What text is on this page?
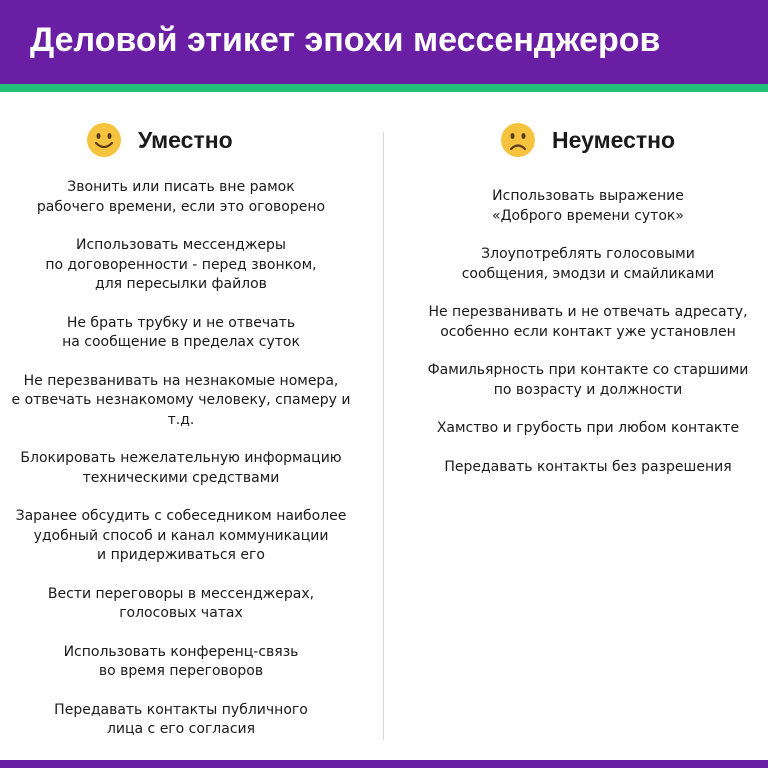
Деловой этикет эпохи мессенджеров
Уместно	Неуместно
Звонить или писать вне рамок
рабочего времени, если это оговорено
Использовать мессенджеры
по договоренности - перед звонком,
для пересылки файлов
Не брать трубку и не отвечать
на сообщение в пределах суток
Не перезванивать на незнакомые номера,
е отвечать незнакомому человеку, спамеру и т.д.
Блокировать нежелательную информацию
техническими средствами
Заранее обсудить с собеседником наиболее
удобный способ и канал коммуникации
и придерживаться его
Вести переговоры в мессенджерах,
голосовых чатах
Использовать конференц-связь
во время переговоров
Передавать контакты публичного
лица с его согласия
Использовать выражение
«Доброго времени суток»
Злоупотреблять голосовыми
сообщения, эмодзи и смайликами
Не перезванивать и не отвечать адресату,
особенно если контакт уже установлен
Фамильярность при контакте со старшими
по возрасту и должности
Хамство и грубость при любом контакте
Передавать контакты без разрешения
